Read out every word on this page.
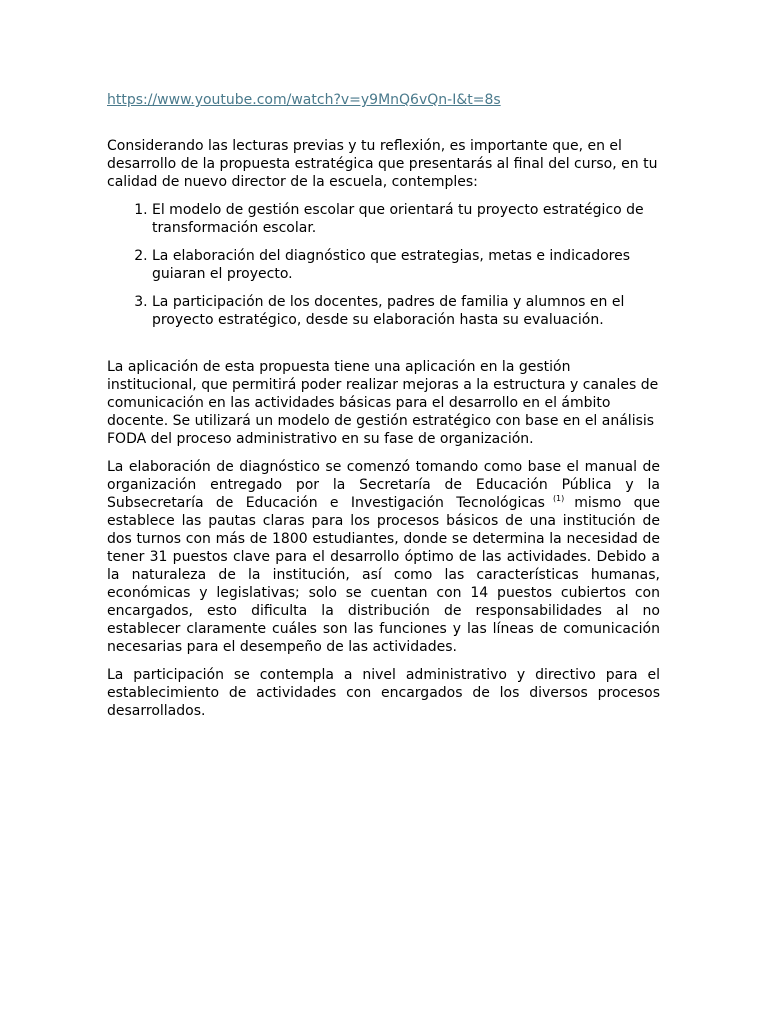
https://www.youtube.com/watch?v=y9MnQ6vQn-I&t=8s

Considerando las lecturas previas y tu reflexión, es importante que, en el desarrollo de la propuesta estratégica que presentarás al final del curso, en tu calidad de nuevo director de la escuela, contemples:

1. El modelo de gestión escolar que orientará tu proyecto estratégico de transformación escolar.
2. La elaboración del diagnóstico que estrategias, metas e indicadores guiaran el proyecto.
3. La participación de los docentes, padres de familia y alumnos en el proyecto estratégico, desde su elaboración hasta su evaluación.

La aplicación de esta propuesta tiene una aplicación en la gestión institucional, que permitirá poder realizar mejoras a la estructura y canales de comunicación en las actividades básicas para el desarrollo en el ámbito docente. Se utilizará un modelo de gestión estratégico con base en el análisis FODA del proceso administrativo en su fase de organización.

La elaboración de diagnóstico se comenzó tomando como base el manual de organización entregado por la Secretaría de Educación Pública y la Subsecretaría de Educación e Investigación Tecnológicas $^{(1)}$ mismo que establece las pautas claras para los procesos básicos de una institución de dos turnos con más de 1800 estudiantes, donde se determina la necesidad de tener 31 puestos clave para el desarrollo óptimo de las actividades. Debido a la naturaleza de la institución, así como las características humanas, económicas y legislativas; solo se cuentan con 14 puestos cubiertos con encargados, esto dificulta la distribución de responsabilidades al no establecer claramente cuáles son las funciones y las líneas de comunicación necesarias para el desempeño de las actividades.

La participación se contempla a nivel administrativo y directivo para el establecimiento de actividades con encargados de los diversos procesos desarrollados.
